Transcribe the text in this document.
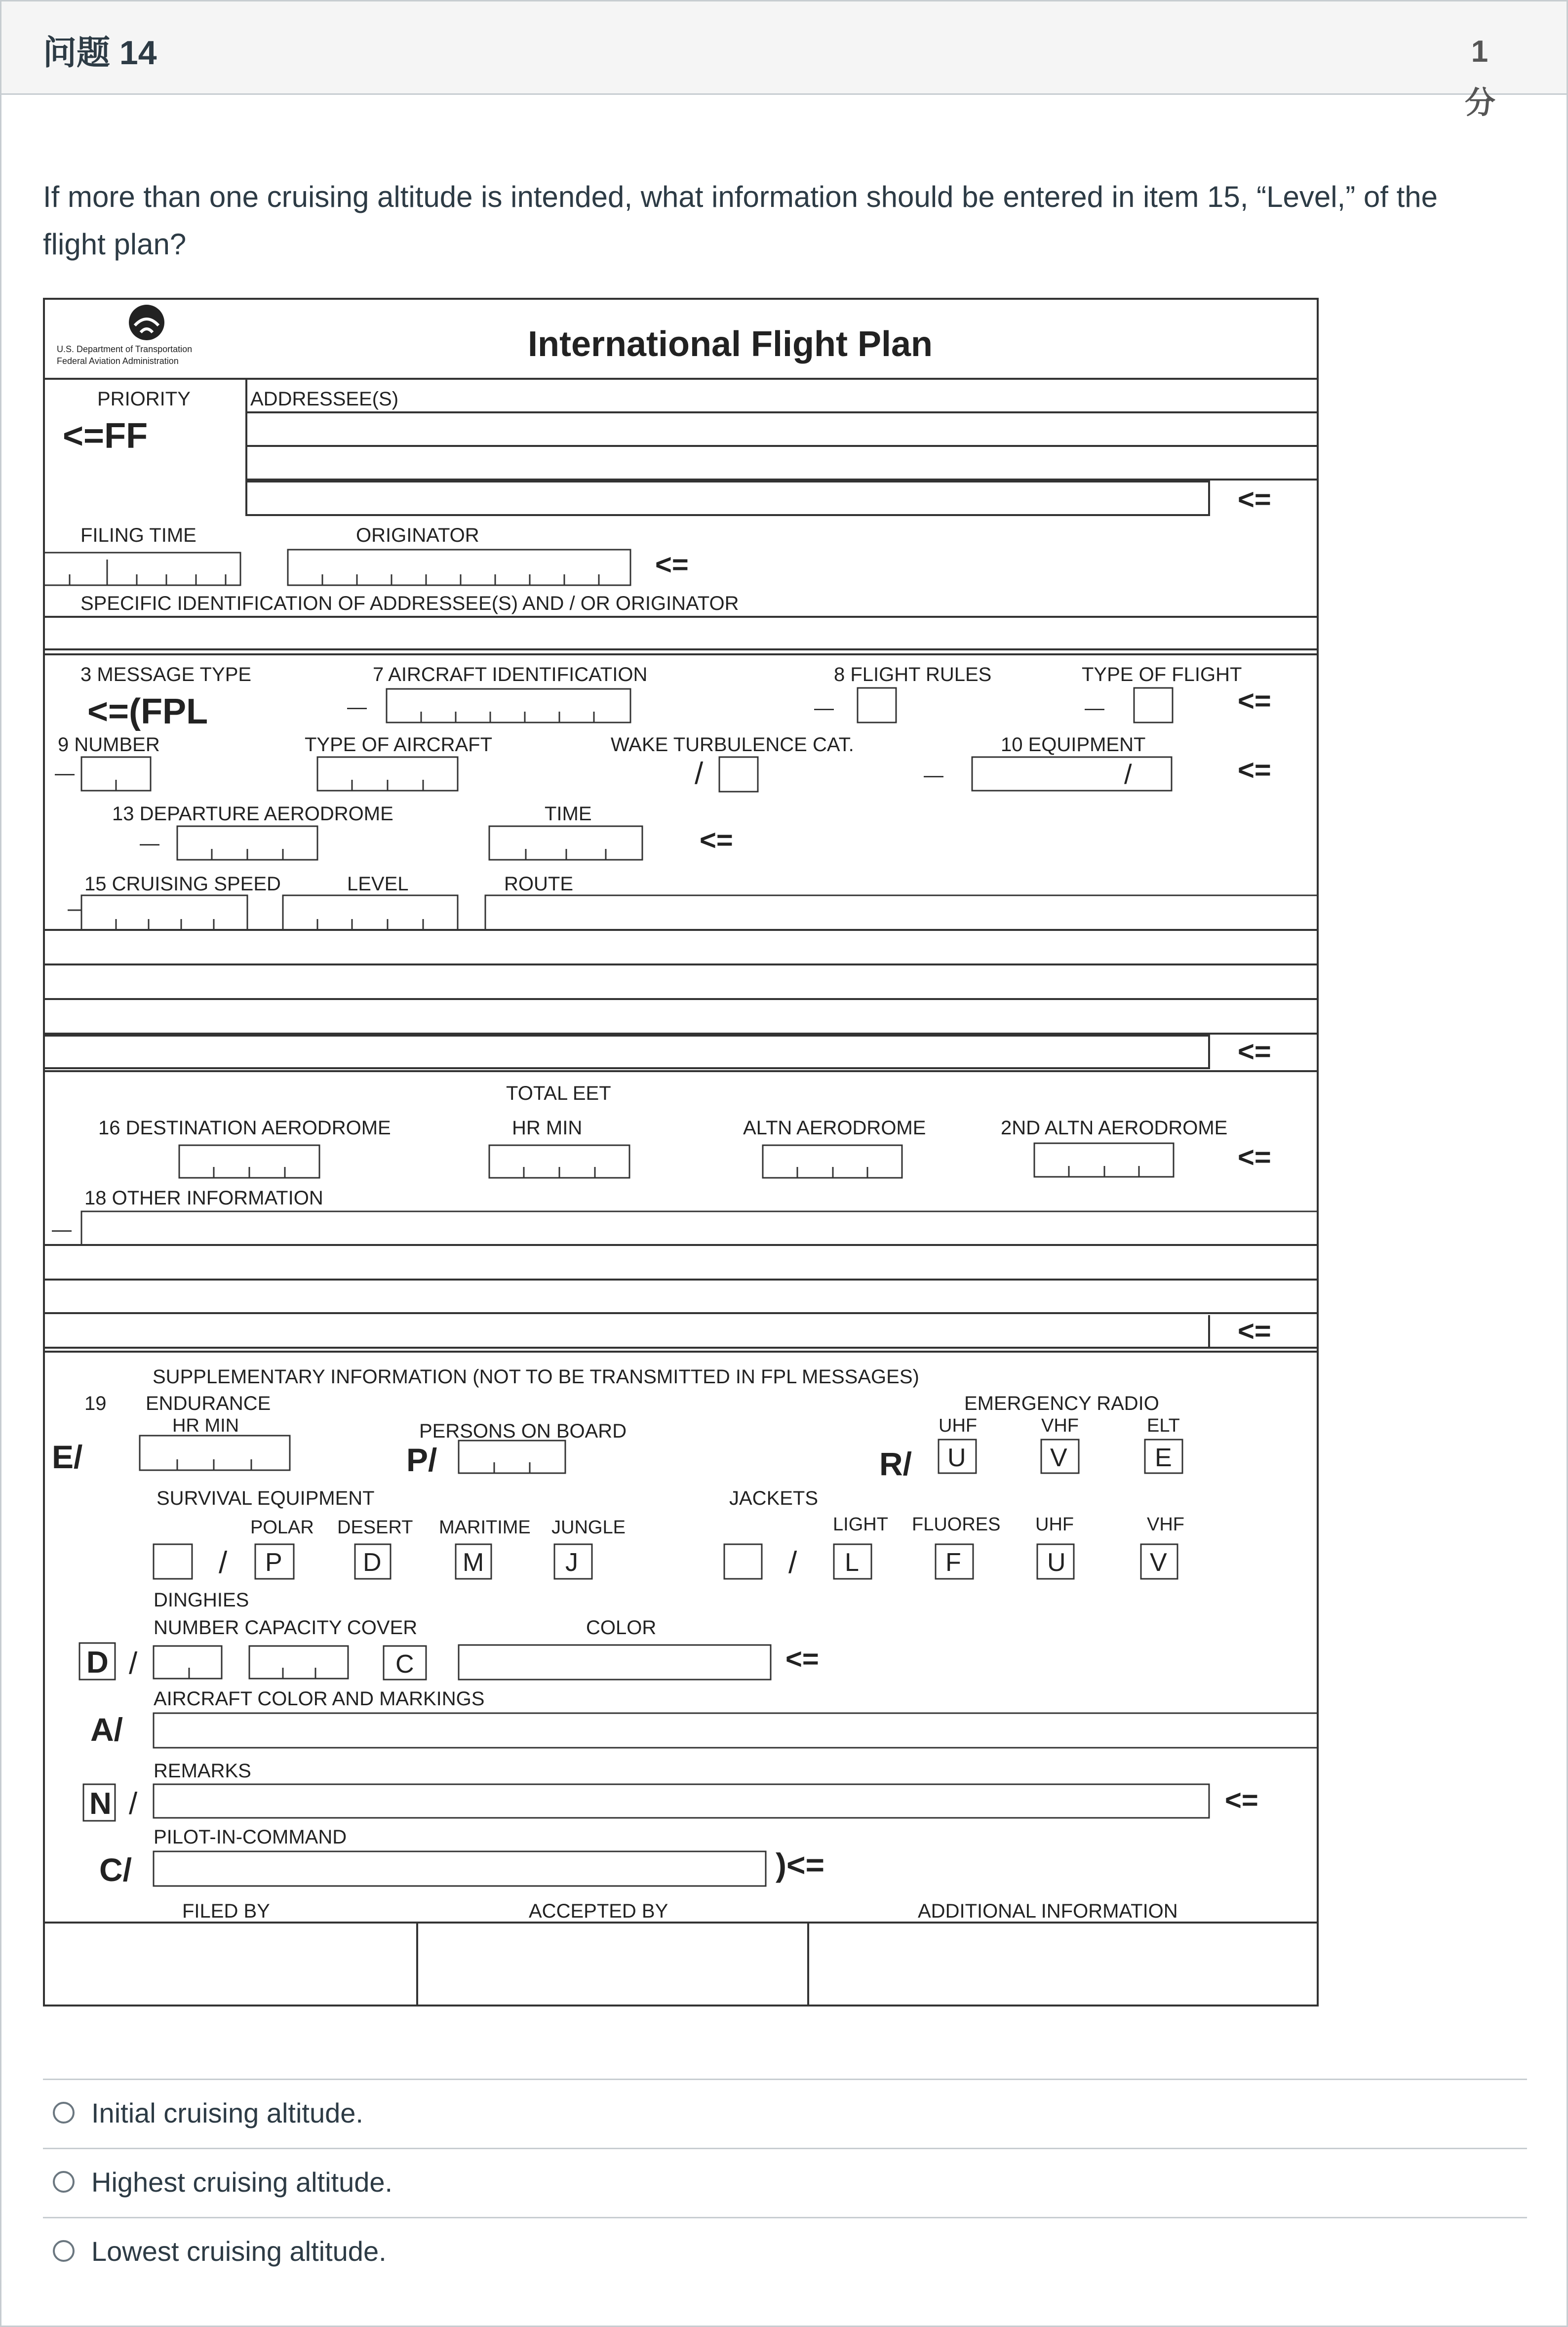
问题 14	1 分
If more than one cruising altitude is intended, what information should be entered in item 15, “Level,” of the flight plan?
U.S. Department of Transportation
Federal Aviation Administration	International Flight Plan
PRIORITY	ADDRESSEE(S)
<=FF
<=
FILING TIME	ORIGINATOR
<=
SPECIFIC IDENTIFICATION OF ADDRESSEE(S) AND / OR ORIGINATOR
3 MESSAGE TYPE
<=(FPL
7 AIRCRAFT IDENTIFICATION
—
8 FLIGHT RULES
—
TYPE OF FLIGHT
—	<=
9 NUMBER
—
TYPE OF AIRCRAFT	WAKE TURBULENCE CAT.
/
10 EQUIPMENT
—	/	<=
13 DEPARTURE AERODROME
—
TIME
<=
15 CRUISING SPEED	LEVEL	ROUTE
<=
TOTAL EET
HR MIN
16 DESTINATION AERODROME	ALTN AERODROME	2ND ALTN AERODROME
<=
18 OTHER INFORMATION
—
<=
SUPPLEMENTARY INFORMATION (NOT TO BE TRANSMITTED IN FPL MESSAGES)
19 ENDURANCE
HR MIN
E/
PERSONS ON BOARD
P/
EMERGENCY RADIO
UHF	VHF	ELT
R/ U	V	E
SURVIVAL EQUIPMENT
POLAR DESERT MARITIME JUNGLE
/ P	D	M	J
JACKETS
LIGHT FLUORES UHF	VHF
/ L	F	U	V
DINGHIES
NUMBER CAPACITY COVER	COLOR
D /	C	<=
AIRCRAFT COLOR AND MARKINGS
A/
REMARKS
N /	<=
PILOT-IN-COMMAND
C/	)<=
FILED BY	ACCEPTED BY	ADDITIONAL INFORMATION
Initial cruising altitude.
Highest cruising altitude.
Lowest cruising altitude.
